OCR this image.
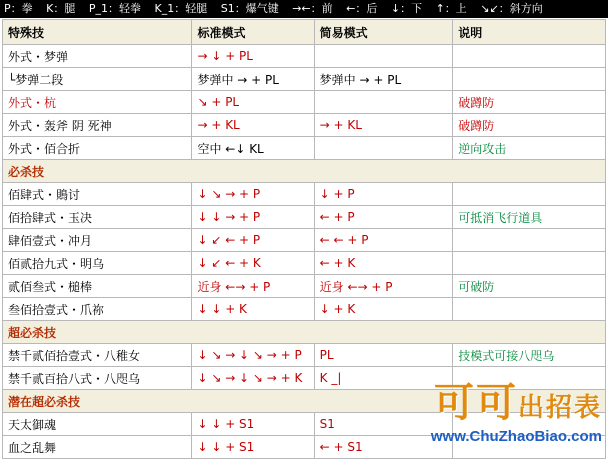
P：拳 K：腿 P_1：轻拳 K_1：轻腿 S1：爆气键 →←：前 ←：后 ↓：下 ↑：上 ↘↙：斜方向
特殊技	标准模式	简易模式	说明
外式・梦弹	→ ↓ + PL		
└梦弹二段	梦弹中 → + PL	梦弹中 → + PL	
外式・杭	↘ + PL		破蹲防
外式・轰斧 阴 死神	→ + KL	→ + KL	破蹲防
外式・佰合折	空中 ←↓ KL		逆向攻击
必杀技			
佰肆式・鵙讨	↓ ↘ → + P	↓ + P	
佰拾肆式・玉决	↓ ↓ → + P	← + P	可抵消飞行道具
肆佰壹式・冲月	↓ ↙ ← + P	← ← + P	
佰贰拾九式・明乌	↓ ↙ ← + K	← + K	
贰佰叁式・槌棒	近身 ←→ + P	近身 ←→ + P	可破防
叁佰拾壹式・爪祢	↓ ↓ + K	↓ + K	
超必杀技			
禁千贰佰拾壹式・八稚女	↓ ↘ → ↓ ↘ → + P	PL	技模式可接八咫乌
禁千贰百拾八式・八咫乌	↓ ↘ → ↓ ↘ → + K	K _|	
潜在超必杀技			
天太御魂	↓ ↓ + S1	S1	
血之乱舞	↓ ↓ + S1	← + S1	
可可出招表
www.ChuZhaoBiao.com
